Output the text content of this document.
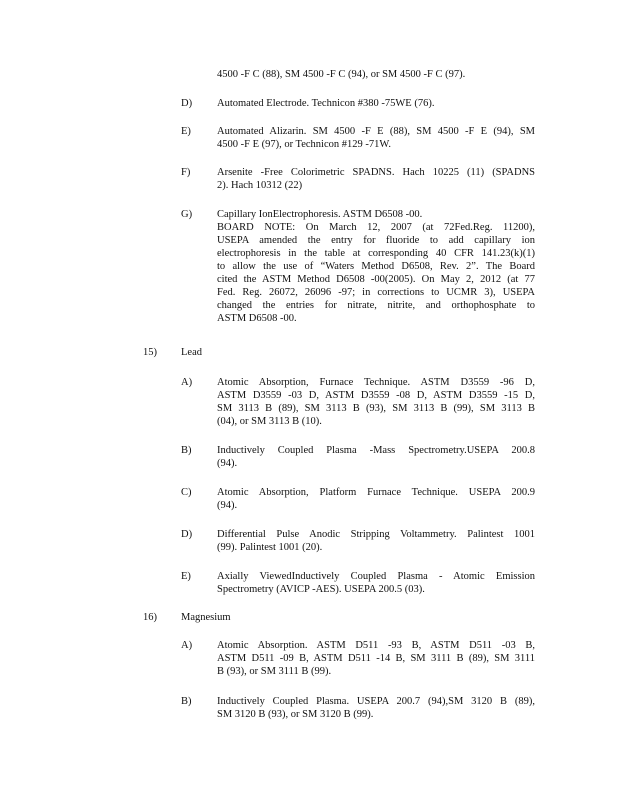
4500 -F C (88), SM 4500 -F C (94), or SM 4500 -F C (97).
D) Automated Electrode. Technicon #380 -75WE (76).

E) Automated Alizarin. SM 4500 -F E (88), SM 4500 -F E (94), SM

4500 -F E (97), or Technicon #129 -71W.

F)	Arsenite -Free Colorimetric SPADNS. Hach 10225 (11) (SPADNS

2). Hach 10312 (22)

G) Capillary IonElectrophoresis. ASTM D6508 -00.

BOARD NOTE: On March 12, 2007 (at 72Fed.Reg. 11200),

USEPA amended the entry for fluoride to add capillary ion

electrophoresis in the table at corresponding 40 CFR 141.23(k)(1)

to allow the use of “Waters Method D6508, Rev. 2”. The Board

cited the ASTM Method D6508 -00(2005). On May 2, 2012 (at 77

Fed. Reg. 26072, 26096 -97; in corrections to UCMR 3), USEPA

changed the entries for nitrate, nitrite, and orthophosphate to

ASTM D6508 -00.

15) Lead
A) Atomic Absorption, Furnace Technique. ASTM D3559 -96 D,

ASTM D3559 -03 D, ASTM D3559 -08 D, ASTM D3559 -15 D,

SM 3113 B (89), SM 3113 B (93), SM 3113 B (99), SM 3113 B

(04), or SM 3113 B (10).

B) Inductively Coupled Plasma -Mass Spectrometry.USEPA 200.8

(94).

C) Atomic Absorption, Platform Furnace Technique. USEPA 200.9

(94).

D) Differential Pulse Anodic Stripping Voltammetry. Palintest 1001

(99). Palintest 1001 (20).

E) Axially ViewedInductively Coupled Plasma - Atomic Emission

Spectrometry (AVICP -AES). USEPA 200.5 (03).

16) Magnesium
A) Atomic Absorption. ASTM D511 -93 B, ASTM D511 -03 B,

ASTM D511 -09 B, ASTM D511 -14 B, SM 3111 B (89), SM 3111

B (93), or SM 3111 B (99).

B) Inductively Coupled Plasma. USEPA 200.7 (94),SM 3120 B (89),

SM 3120 B (93), or SM 3120 B (99).
